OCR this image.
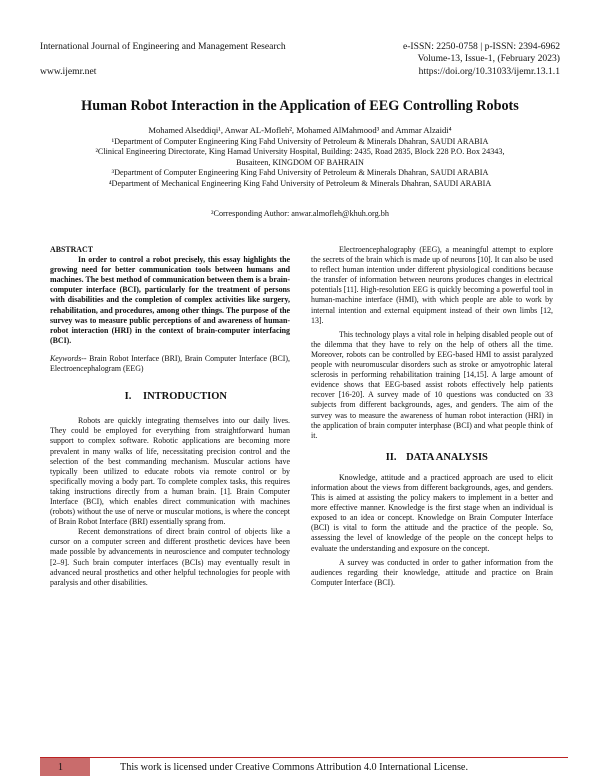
International Journal of Engineering and Management Research	e-ISSN: 2250-0758 | p-ISSN: 2394-6962
Volume-13, Issue-1, (February 2023)
www.ijemr.net	https://doi.org/10.31033/ijemr.13.1.1
Human Robot Interaction in the Application of EEG Controlling Robots
Mohamed Alseddiqi¹, Anwar AL-Mofleh², Mohamed AlMahmood³ and Ammar Alzaidi⁴
¹Department of Computer Engineering King Fahd University of Petroleum & Minerals Dhahran, SAUDI ARABIA
²Clinical Engineering Directorate, King Hamad University Hospital, Building: 2435, Road 2835, Block 228 P.O. Box 24343,
Busaiteen, KINGDOM OF BAHRAIN
³Department of Computer Engineering King Fahd University of Petroleum & Minerals Dhahran, SAUDI ARABIA
⁴Department of Mechanical Engineering King Fahd University of Petroleum & Minerals Dhahran, SAUDI ARABIA
²Corresponding Author: anwar.almofleh@khuh.org.bh

ABSTRACT

In order to control a robot precisely, this essay highlights the growing need for better communication tools between humans and machines. The best method of communication between them is a brain-computer interface (BCI), particularly for the treatment of persons with disabilities and the completion of complex activities like surgery, rehabilitation, and procedures, among other things. The purpose of the survey was to measure public perceptions of and awareness of human-robot interaction (HRI) in the context of brain-computer interfacing (BCI).

Keywords-- Brain Robot Interface (BRI), Brain Computer Interface (BCI), Electroencephalogram (EEG)

I. INTRODUCTION

Robots are quickly integrating themselves into our daily lives. They could be employed for everything from straightforward human support to complex software. Robotic applications are becoming more prevalent in many walks of life, necessitating precision control and the selection of the best commanding mechanism. Muscular actions have typically been utilized to educate robots via remote control or by specifically moving a body part. To complete complex tasks, this requires taking instructions directly from a human brain. [1]. Brain Computer Interface (BCI), which enables direct communication with machines (robots) without the use of nerve or muscular motions, is where the concept of Brain Robot Interface (BRI) essentially sprang from.

Recent demonstrations of direct brain control of objects like a cursor on a computer screen and different prosthetic devices have been made possible by advancements in neuroscience and computer technology [2–9]. Such brain computer interfaces (BCIs) may eventually result in advanced neural prosthetics and other helpful technologies for people with paralysis and other disabilities.

Electroencephalography (EEG), a meaningful attempt to explore the secrets of the brain which is made up of neurons [10]. It can also be used to reflect human intention under different physiological conditions because the transfer of information between neurons produces changes in electrical potentials [11]. High-resolution EEG is quickly becoming a powerful tool in human-machine interface (HMI), with which people are able to work by internal intention and external equipment instead of their own limbs [12, 13].

This technology plays a vital role in helping disabled people out of the dilemma that they have to rely on the help of others all the time. Moreover, robots can be controlled by EEG-based HMI to assist paralyzed people with neuromuscular disorders such as stroke or amyotrophic lateral sclerosis in performing rehabilitation training [14,15]. A large amount of evidence shows that EEG-based assist robots effectively help patients recover [16-20]. A survey made of 10 questions was conducted on 33 subjects from different backgrounds, ages, and genders. The aim of the survey was to measure the awareness of human robot interaction (HRI) in the application of brain computer interphase (BCI) and what people think of it.

II. DATA ANALYSIS

Knowledge, attitude and a practiced approach are used to elicit information about the views from different backgrounds, ages, and genders. This is aimed at assisting the policy makers to implement in a better and more effective manner. Knowledge is the first stage when an individual is exposed to an idea or concept. Knowledge on Brain Computer Interface (BCI) is vital to form the attitude and the practice of the people. So, assessing the level of knowledge of the people on the concept helps to evaluate the understanding and exposure on the concept.

A survey was conducted in order to gather information from the audiences regarding their knowledge, attitude and practice on Brain Computer Interface (BCI).

1	This work is licensed under Creative Commons Attribution 4.0 International License.
